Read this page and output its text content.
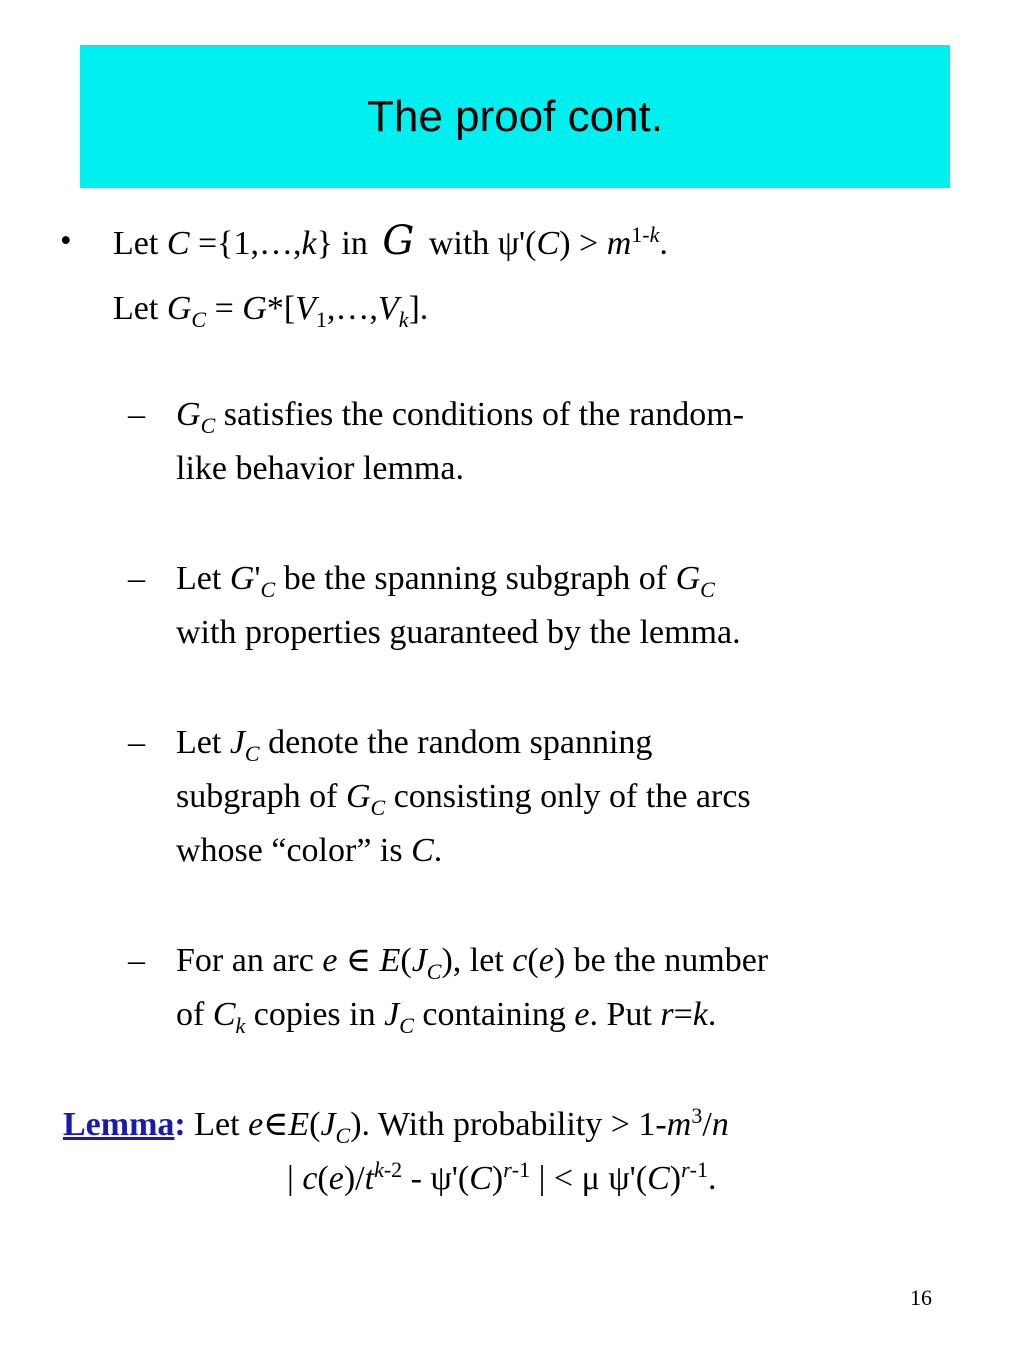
The proof cont.
• Let C ={1,…,k} in G with $\psi'(C) > m^{1-k}$.
Let $G_C$ = $G*[V_1,\dots,V_k]$.
– $G_C$ satisfies the conditions of the random-
like behavior lemma.
– Let $G'_C$ be the spanning subgraph of $G_C$
with properties guaranteed by the lemma.
– Let $J_C$ denote the random spanning
subgraph of $G_C$ consisting only of the arcs
whose “color” is C.
– For an arc e ∈ $E(J_C)$, let c(e) be the number
of $C_k$ copies in $J_C$ containing e. Put r=k.
Lemma: Let $e\in E(J_C)$. With probability > $1-m^3/n$
| $c(e)/t^{k-2} - \psi'(C)^{r-1}$ | < μ $\psi'(C)^{r-1}$.
16
